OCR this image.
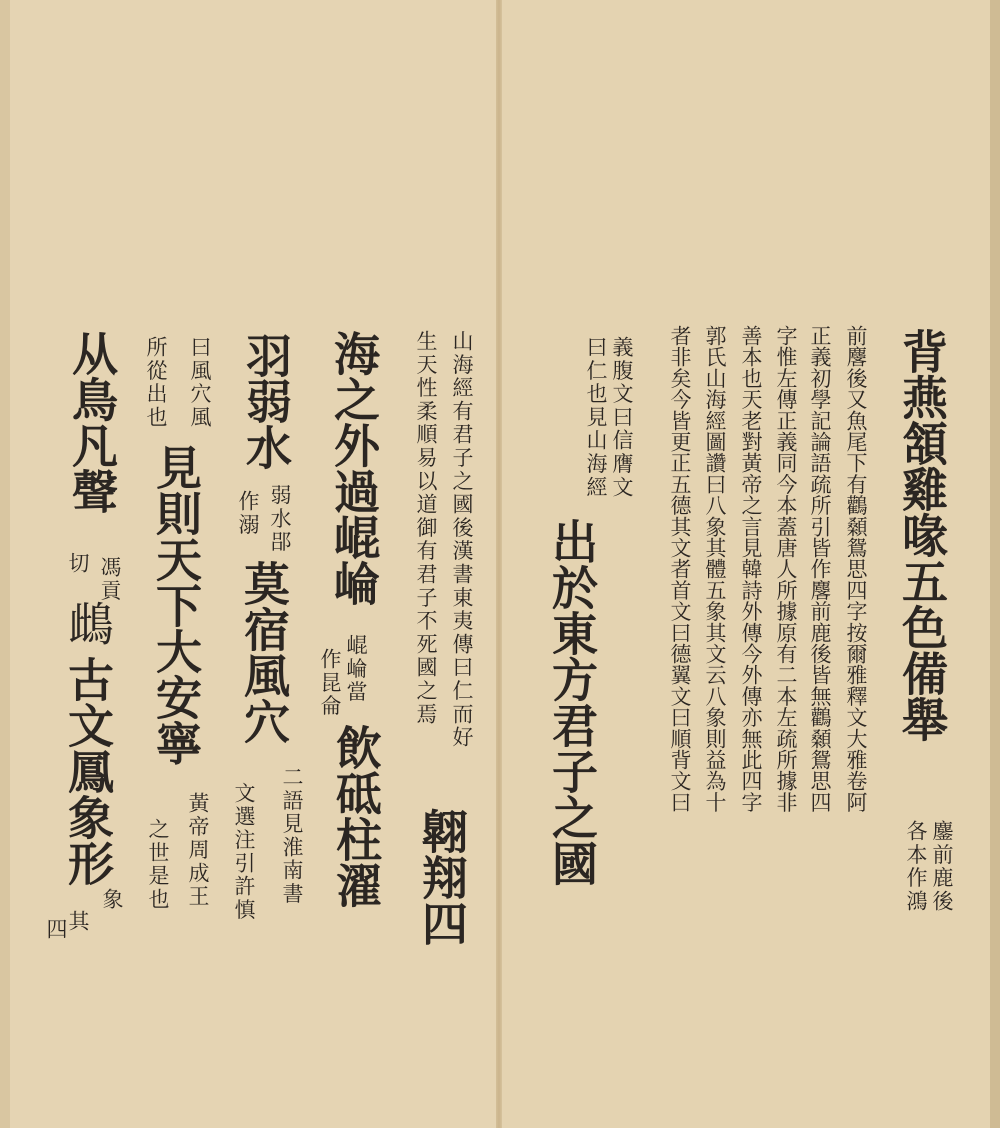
背燕頷雞喙五色備舉
鏖前鹿後
各本作鴻
前麐後又魚尾下有鸛顙鴛思四字按爾雅釋文大雅卷阿
正義初學記論語疏所引皆作麐前鹿後皆無鸛顙鴛思四
字惟左傳正義同今本蓋唐人所據原有二本左疏所據非
善本也天老對黃帝之言見韓詩外傳今外傳亦無此四字
郭氏山海經圖讚曰八象其體五象其文云八象則益為十
者非矣今皆更正五德其文者首文曰德翼文曰順背文曰
義腹文曰信膺文
曰仁也見山海經
出於東方君子之國
山海經有君子之國後漢書東夷傳曰仁而好
生天性柔順易以道御有君子不死國之焉
翺翔四
海之外過崐崘
崐崘當
作昆侖
飲砥柱濯
羽弱水
弱水郘
作溺
莫宿風穴
二語見淮南書
文選注引許慎
曰風穴風
所從出也
見則天下大安寧
黃帝周成王
之世是也
从鳥凡聲
馮貢
切
䳄
古文鳳象形
象
其
四
